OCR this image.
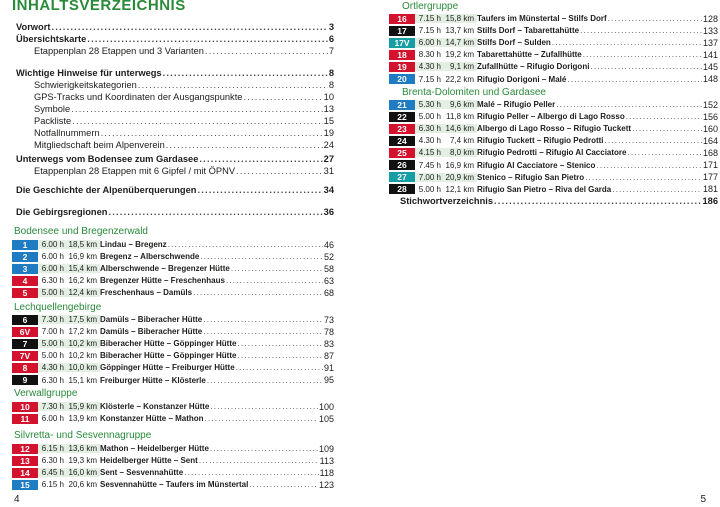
INHALTSVERZEICHNIS
Vorwort .....	3
Übersichtskarte .....	6
Etappenplan 28 Etappen und 3 Varianten .....	7
Wichtige Hinweise für unterwegs .....	8
Schwierigkeitskategorien .....	8
GPS-Tracks und Koordinaten der Ausgangspunkte .....	10
Symbole .....	13
Packliste .....	15
Notfallnummern .....	19
Mitgliedschaft beim Alpenverein .....	24
Unterwegs vom Bodensee zum Gardasee .....	27
Etappenplan 28 Etappen mit 6 Gipfel / mit ÖPNV .....	31
Die Geschichte der Alpenüberquerungen .....	34
Die Gebirgsregionen .....	36
Bodensee und Bregenzerwald
1	6.00 h 18,5 km Lindau – Bregenz .....	46
2	6.00 h 16,9 km Bregenz – Alberschwende .....	52
3	6.00 h 15,4 km Alberschwende – Bregenzer Hütte .....	58
4	6.30 h 16,2 km Bregenzer Hütte – Freschenhaus .....	63
5	5.00 h 12,4 km Freschenhaus – Damüls .....	68
Lechquellengebirge
6	7.30 h 17,5 km Damüls – Biberacher Hütte .....	73
6V	7.00 h 17,2 km Damüls – Biberacher Hütte .....	78
7	5.00 h 10,2 km Biberacher Hütte – Göppinger Hütte .....	83
7V	5.00 h 10,2 km Biberacher Hütte – Göppinger Hütte .....	87
8	4.30 h 10,0 km Göppinger Hütte – Freiburger Hütte .....	91
9	6.30 h 15,1 km Freiburger Hütte – Klösterle .....	95
Verwallgruppe
10	7.30 h 15,9 km Klösterle – Konstanzer Hütte .....	100
11	6.00 h 13,9 km Konstanzer Hütte – Mathon .....	105
Silvretta- und Sesvennagruppe
12	6.15 h 13,6 km Mathon – Heidelberger Hütte .....	109
13	6.30 h 19,3 km Heidelberger Hütte – Sent .....	113
14	6.45 h 16,0 km Sent – Sesvennahütte .....	118
15	6.15 h 20,6 km Sesvennahütte – Taufers im Münstertal .....	123
4
Ortlergruppe
16	7.15 h 15,8 km Taufers im Münstertal – Stilfs Dorf .....	128
17	7.15 h 13,7 km Stilfs Dorf – Tabarettahütte .....	133
17V	6.00 h 14,7 km Stilfs Dorf – Sulden .....	137
18	8.30 h 19,2 km Tabarettahütte – Zufallhütte .....	141
19	4.30 h	9,1 km Zufallhütte – Rifugio Dorigoni .....	145
20	7.15 h 22,2 km Rifugio Dorigoni – Malé .....	148
Brenta-Dolomiten und Gardasee
21	5.30 h	9,6 km Malé – Rifugio Peller .....	152
22	5.00 h 11,8 km Rifugio Peller – Albergo di Lago Rosso .....	156
23	6.30 h 14,6 km Albergo di Lago Rosso – Rifugio Tuckett .....	160
24	4.30 h	7,4 km Rifugio Tuckett – Rifugio Pedrotti .....	164
25	4.15 h	8,0 km Rifugio Pedrotti – Rifugio Al Cacciatore .....	168
26	7.45 h 16,9 km Rifugio Al Cacciatore – Stenico .....	171
27	7.00 h 20,9 km Stenico – Rifugio San Pietro .....	177
28	5.00 h 12,1 km Rifugio San Pietro – Riva del Garda .....	181
Stichwortverzeichnis .....	186
5
